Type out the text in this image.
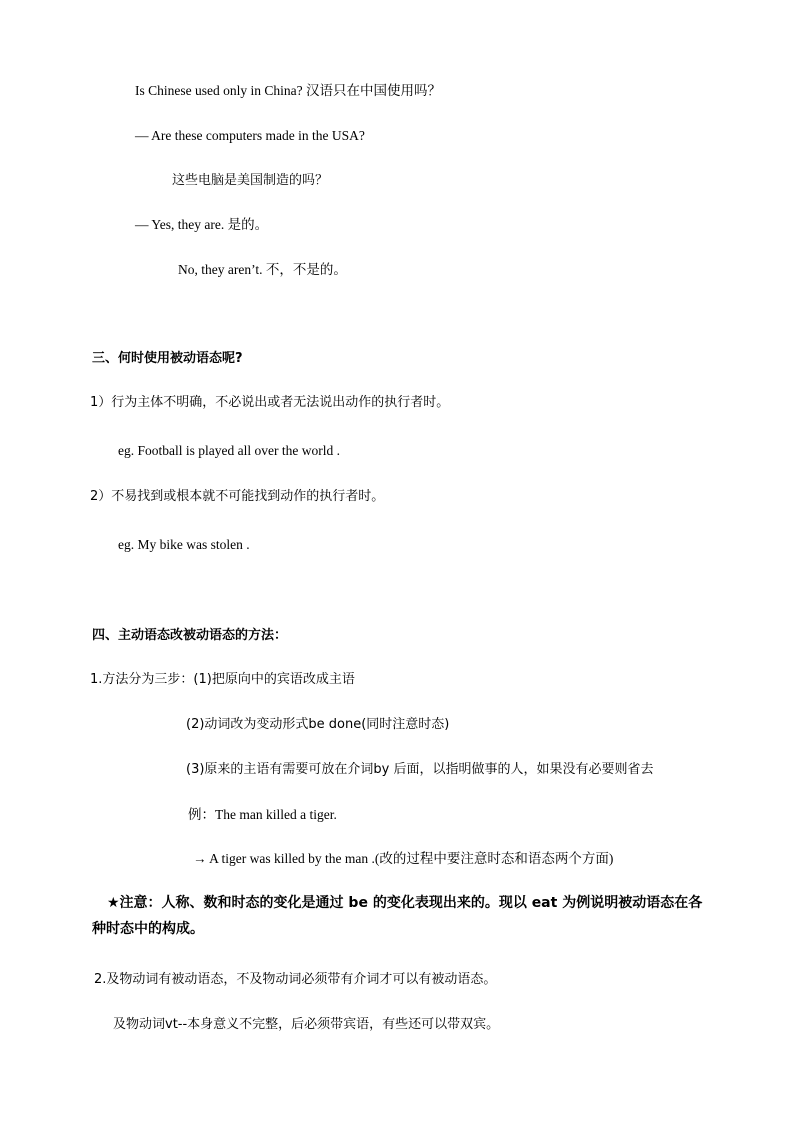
Is Chinese used only in China? 汉语只在中国使用吗？
— Are these computers made in the USA?
这些电脑是美国制造的吗？
— Yes, they are. 是的。
No, they aren’t. 不，不是的。
三、何时使用被动语态呢?
1）行为主体不明确，不必说出或者无法说出动作的执行者时。
eg. Football is played all over the world .
2）不易找到或根本就不可能找到动作的执行者时。
eg. My bike was stolen .
四、主动语态改被动语态的方法：
1.方法分为三步：(1)把原向中的宾语改成主语
(2)动词改为变动形式be done(同时注意时态)
(3)原来的主语有需要可放在介词by 后面，以指明做事的人，如果没有必要则省去
例：The man killed a tiger.
→ A tiger was killed by the man .(改的过程中要注意时态和语态两个方面)
★注意：人称、数和时态的变化是通过 be 的变化表现出来的。现以 eat 为例说明被动语态在各种时态中的构成。
2.及物动词有被动语态，不及物动词必须带有介词才可以有被动语态。
及物动词vt--本身意义不完整，后必须带宾语，有些还可以带双宾。
